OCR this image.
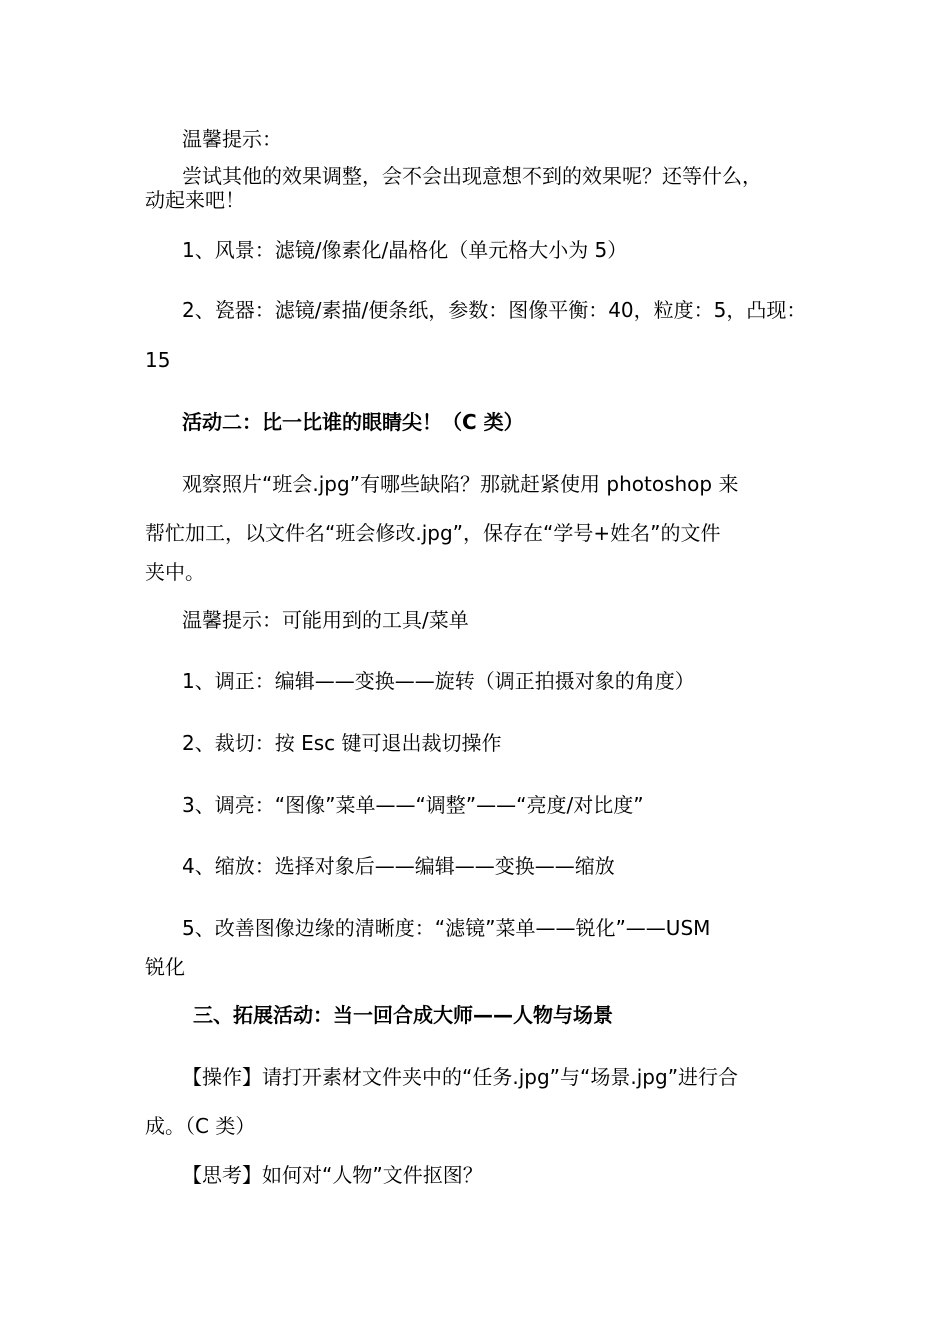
温馨提示：
尝试其他的效果调整，会不会出现意想不到的效果呢？还等什么，
动起来吧！
1、风景：滤镜/像素化/晶格化（单元格大小为 5）
2、瓷器：滤镜/素描/便条纸，参数：图像平衡：40，粒度：5，凸现：
15
活动二：比一比谁的眼睛尖！（C 类）
观察照片“班会.jpg”有哪些缺陷？那就赶紧使用 photoshop 来
帮忙加工，以文件名“班会修改.jpg”，保存在“学号+姓名”的文件
夹中。
温馨提示：可能用到的工具/菜单
1、调正：编辑——变换——旋转（调正拍摄对象的角度）
2、裁切：按 Esc 键可退出裁切操作
3、调亮：“图像”菜单——“调整”——“亮度/对比度”
4、缩放：选择对象后——编辑——变换——缩放
5、改善图像边缘的清晰度：“滤镜”菜单——锐化”——USM
锐化
三、拓展活动：当一回合成大师——人物与场景
【操作】请打开素材文件夹中的“任务.jpg”与“场景.jpg”进行合
成。（C 类）
【思考】如何对“人物”文件抠图？
